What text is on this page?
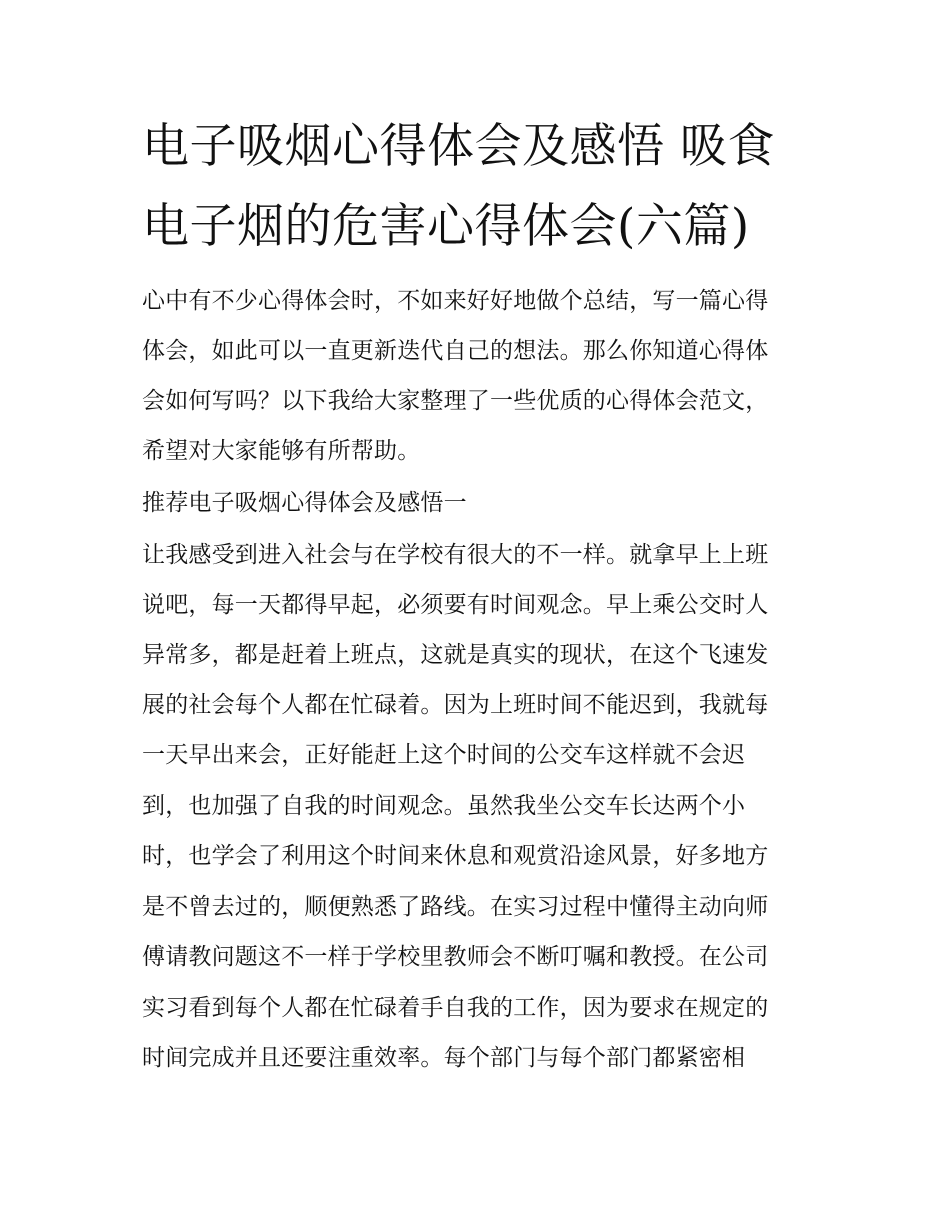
电子吸烟心得体会及感悟 吸食
电子烟的危害心得体会(六篇)

心中有不少心得体会时，不如来好好地做个总结，写一篇心得

体会，如此可以一直更新迭代自己的想法。那么你知道心得体

会如何写吗？以下我给大家整理了一些优质的心得体会范文，

希望对大家能够有所帮助。

推荐电子吸烟心得体会及感悟一

让我感受到进入社会与在学校有很大的不一样。就拿早上上班

说吧，每一天都得早起，必须要有时间观念。早上乘公交时人

异常多，都是赶着上班点，这就是真实的现状，在这个飞速发

展的社会每个人都在忙碌着。因为上班时间不能迟到，我就每

一天早出来会，正好能赶上这个时间的公交车这样就不会迟

到，也加强了自我的时间观念。虽然我坐公交车长达两个小

时，也学会了利用这个时间来休息和观赏沿途风景，好多地方

是不曾去过的，顺便熟悉了路线。在实习过程中懂得主动向师

傅请教问题这不一样于学校里教师会不断叮嘱和教授。在公司

实习看到每个人都在忙碌着手自我的工作，因为要求在规定的

时间完成并且还要注重效率。每个部门与每个部门都紧密相
